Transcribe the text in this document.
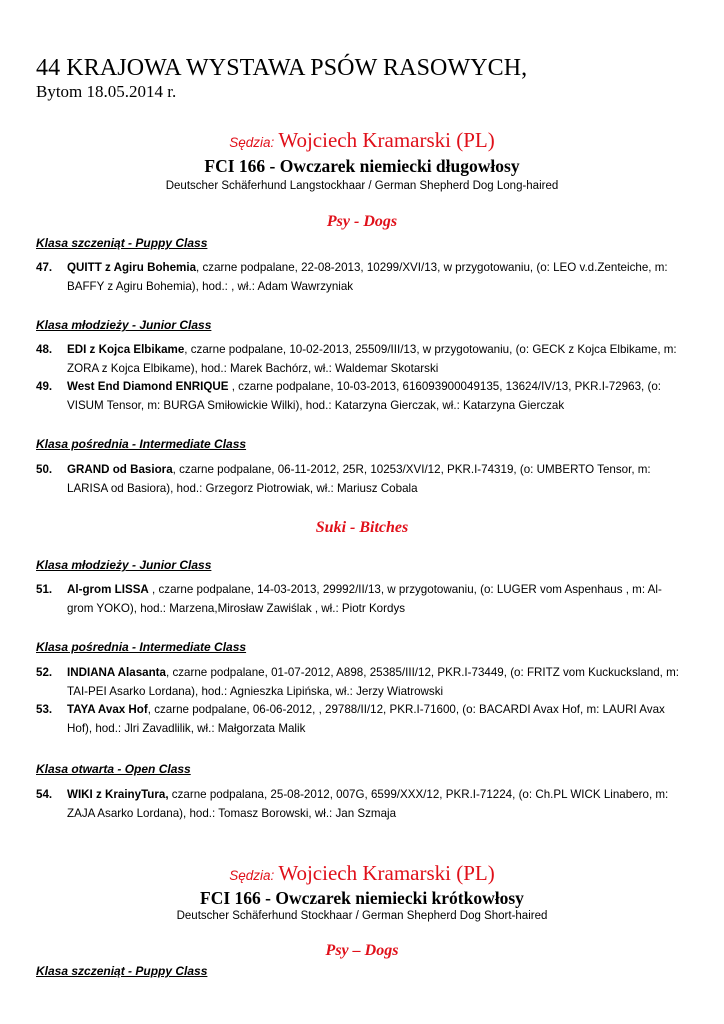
44 KRAJOWA WYSTAWA PSÓW RASOWYCH,
Bytom 18.05.2014 r.
Sędzia: Wojciech Kramarski (PL)
FCI 166 - Owczarek niemiecki długowłosy
Deutscher Schäferhund Langstockhaar / German Shepherd Dog Long-haired
Psy - Dogs
Klasa szczeniąt - Puppy Class
47. QUITT z Agiru Bohemia, czarne podpalane, 22-08-2013, 10299/XVI/13, w przygotowaniu, (o: LEO v.d.Zenteiche, m: BAFFY z Agiru Bohemia), hod.: , wł.: Adam Wawrzyniak
Klasa młodzieży - Junior Class
48. EDI z Kojca Elbikame, czarne podpalane, 10-02-2013, 25509/III/13, w przygotowaniu, (o: GECK z Kojca Elbikame, m: ZORA z Kojca Elbikame), hod.: Marek Bachórz, wł.: Waldemar Skotarski
49. West End Diamond ENRIQUE , czarne podpalane, 10-03-2013, 616093900049135, 13624/IV/13, PKR.I-72963, (o: VISUM Tensor, m: BURGA Smiłowickie Wilki), hod.: Katarzyna Gierczak, wł.: Katarzyna Gierczak
Klasa pośrednia - Intermediate Class
50. GRAND od Basiora, czarne podpalane, 06-11-2012, 25R, 10253/XVI/12, PKR.I-74319, (o: UMBERTO Tensor, m: LARISA od Basiora), hod.: Grzegorz Piotrowiak, wł.: Mariusz Cobala
Suki - Bitches
Klasa młodzieży - Junior Class
51. Al-grom LISSA , czarne podpalane, 14-03-2013, 29992/II/13, w przygotowaniu, (o: LUGER vom Aspenhaus , m: Al-grom YOKO), hod.: Marzena,Mirosław Zawiślak , wł.: Piotr Kordys
Klasa pośrednia - Intermediate Class
52. INDIANA Alasanta, czarne podpalane, 01-07-2012, A898, 25385/III/12, PKR.I-73449, (o: FRITZ vom Kuckucksland, m: TAI-PEI Asarko Lordana), hod.: Agnieszka Lipińska, wł.: Jerzy Wiatrowski
53. TAYA Avax Hof, czarne podpalane, 06-06-2012, , 29788/II/12, PKR.I-71600, (o: BACARDI Avax Hof, m: LAURI Avax Hof), hod.: Jlri Zavadlilik, wł.: Małgorzata Malik
Klasa otwarta - Open Class
54. WIKI z KrainyTura, czarne podpalana, 25-08-2012, 007G, 6599/XXX/12, PKR.I-71224, (o: Ch.PL WICK Linabero, m: ZAJA Asarko Lordana), hod.: Tomasz Borowski, wł.: Jan Szmaja
Sędzia: Wojciech Kramarski (PL)
FCI 166 - Owczarek niemiecki krótkowłosy
Deutscher Schäferhund Stockhaar / German Shepherd Dog Short-haired
Psy – Dogs
Klasa szczeniąt - Puppy Class
